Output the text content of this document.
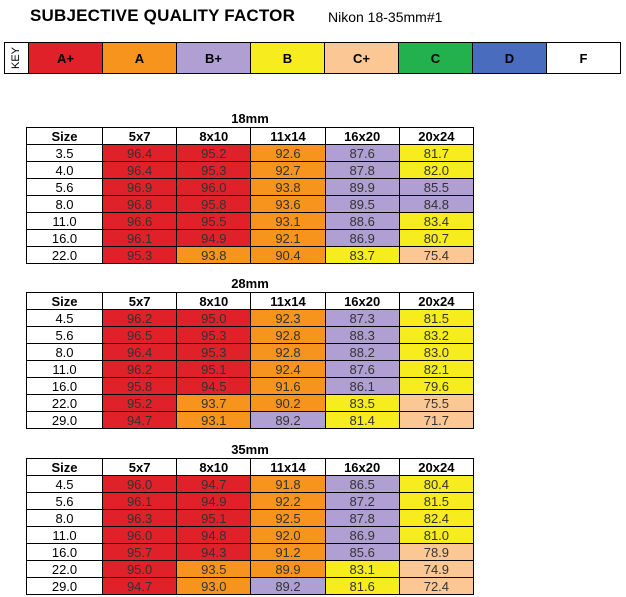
SUBJECTIVE QUALITY FACTOR Nikon 18-35mm#1
KEY	A+	A	B+	B	C+	C	D	F
18mm
Size	5x7	8x10	11x14	16x20	20x24
3.5	96.4	95.2	92.6	87.6	81.7
4.0	96.4	95.3	92.7	87.8	82.0
5.6	96.9	96.0	93.8	89.9	85.5
8.0	96.8	95.8	93.6	89.5	84.8
11.0	96.6	95.5	93.1	88.6	83.4
16.0	96.1	94.9	92.1	86.9	80.7
22.0	95.3	93.8	90.4	83.7	75.4
28mm
Size	5x7	8x10	11x14	16x20	20x24
4.5	96.2	95.0	92.3	87.3	81.5
5.6	96.5	95.3	92.8	88.3	83.2
8.0	96.4	95.3	92.8	88.2	83.0
11.0	96.2	95.1	92.4	87.6	82.1
16.0	95.8	94.5	91.6	86.1	79.6
22.0	95.2	93.7	90.2	83.5	75.5
29.0	94.7	93.1	89.2	81.4	71.7
35mm
Size	5x7	8x10	11x14	16x20	20x24
4.5	96.0	94.7	91.8	86.5	80.4
5.6	96.1	94.9	92.2	87.2	81.5
8.0	96.3	95.1	92.5	87.8	82.4
11.0	96.0	94.8	92.0	86.9	81.0
16.0	95.7	94.3	91.2	85.6	78.9
22.0	95.0	93.5	89.9	83.1	74.9
29.0	94.7	93.0	89.2	81.6	72.4
